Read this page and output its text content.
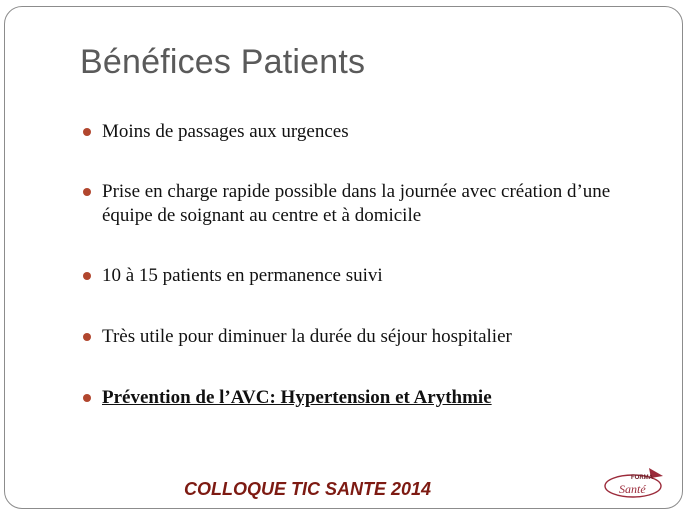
Bénéfices Patients
Moins de passages aux urgences
Prise en charge rapide possible dans la journée avec création d’une équipe de soignant au centre et à domicile
10 à 15 patients en permanence suivi
Très utile pour diminuer la durée du séjour hospitalier
Prévention de l’AVC: Hypertension et Arythmie
COLLOQUE TIC SANTE 2014
FORMA
Santé
